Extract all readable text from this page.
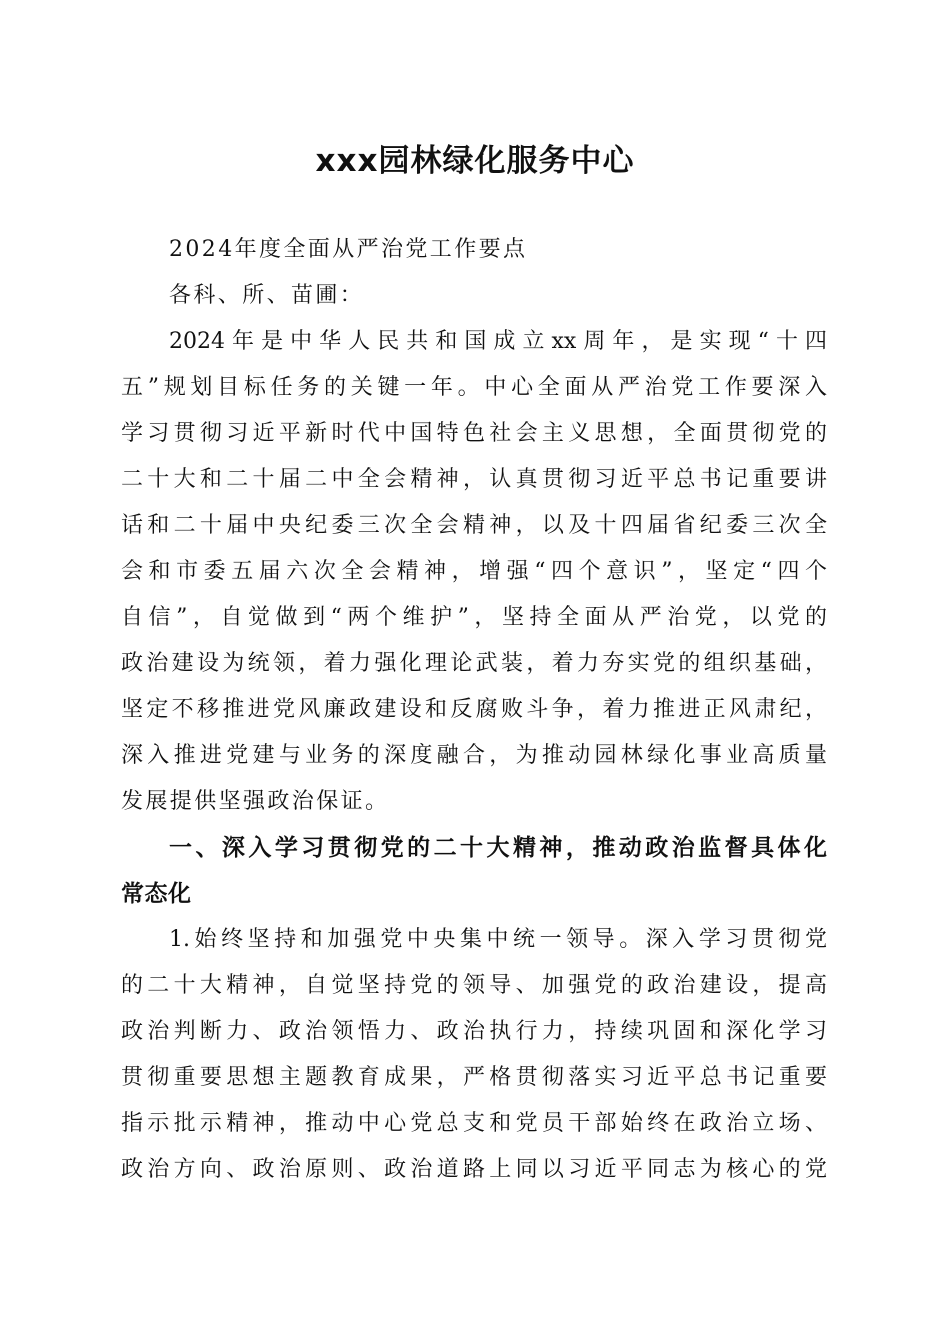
xxx园林绿化服务中心

2024年度全面从严治党工作要点

各科、所、苗圃：

2024年是中华人民共和国成立xx周年，是实现“十四

五”规划目标任务的关键一年。中心全面从严治党工作要深入

学习贯彻习近平新时代中国特色社会主义思想，全面贯彻党的

二十大和二十届二中全会精神，认真贯彻习近平总书记重要讲

话和二十届中央纪委三次全会精神，以及十四届省纪委三次全

会和市委五届六次全会精神，增强“四个意识”，坚定“四个

自信”，自觉做到“两个维护”，坚持全面从严治党，以党的

政治建设为统领，着力强化理论武装，着力夯实党的组织基础，

坚定不移推进党风廉政建设和反腐败斗争，着力推进正风肃纪，

深入推进党建与业务的深度融合，为推动园林绿化事业高质量

发展提供坚强政治保证。

一、深入学习贯彻党的二十大精神，推动政治监督具体化

常态化

1.始终坚持和加强党中央集中统一领导。深入学习贯彻党

的二十大精神，自觉坚持党的领导、加强党的政治建设，提高

政治判断力、政治领悟力、政治执行力，持续巩固和深化学习

贯彻重要思想主题教育成果，严格贯彻落实习近平总书记重要

指示批示精神，推动中心党总支和党员干部始终在政治立场、

政治方向、政治原则、政治道路上同以习近平同志为核心的党
